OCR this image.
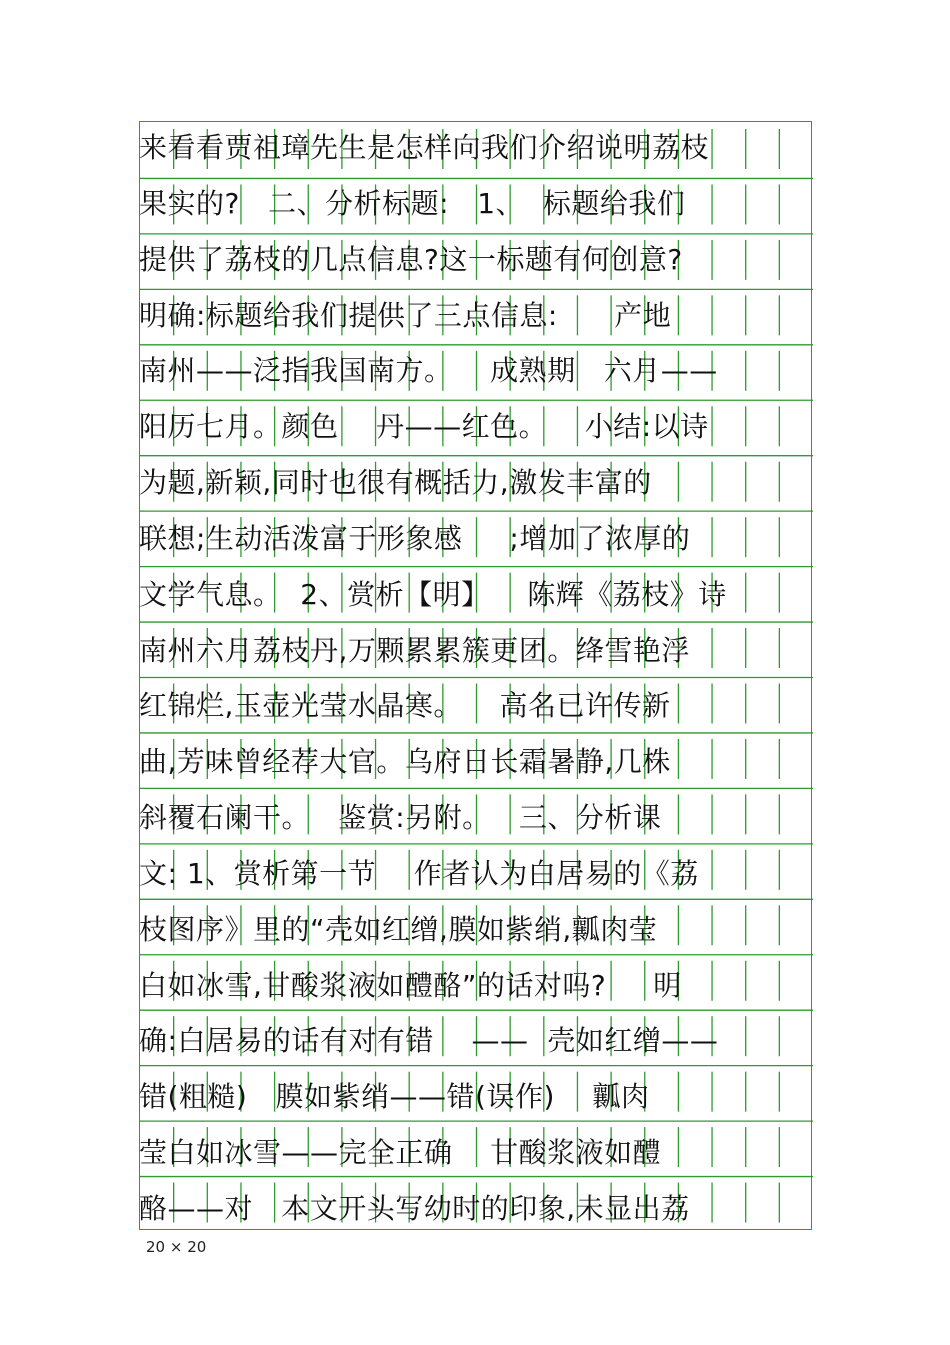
来看看贾祖璋先生是怎样向我们介绍说明荔枝
果实的?   二、分析标题:   1、  标题给我们
提供了荔枝的几点信息?这一标题有何创意?
明确:标题给我们提供了三点信息:      产地
南州——泛指我国南方。    成熟期   六月——
阳历七月。颜色    丹——红色。    小结:以诗
为题,新颖,同时也很有概括力,激发丰富的
联想;生动活泼富于形象感     ;增加了浓厚的
文学气息。  2、赏析【明】    陈辉《荔枝》诗
南州六月荔枝丹,万颗累累簇更团。绛雪艳浮
红锦烂,玉壶光莹水晶寒。    高名已许传新
曲,芳味曾经荐大官。乌府日长霜暑静,几株
斜覆石阑干。   鉴赏:另附。   三、分析课
文: 1、赏析第一节    作者认为白居易的《荔
枝图序》里的“壳如红缯,膜如紫绡,瓤肉莹
白如冰雪,甘酸浆液如醴酪”的话对吗?     明
确:白居易的话有对有错    ——  壳如红缯——
错(粗糙)   膜如紫绡——错(误作)    瓤肉
莹白如冰雪——完全正确    甘酸浆液如醴
酪——对   本文开头写幼时的印象,未显出荔
20 × 20
